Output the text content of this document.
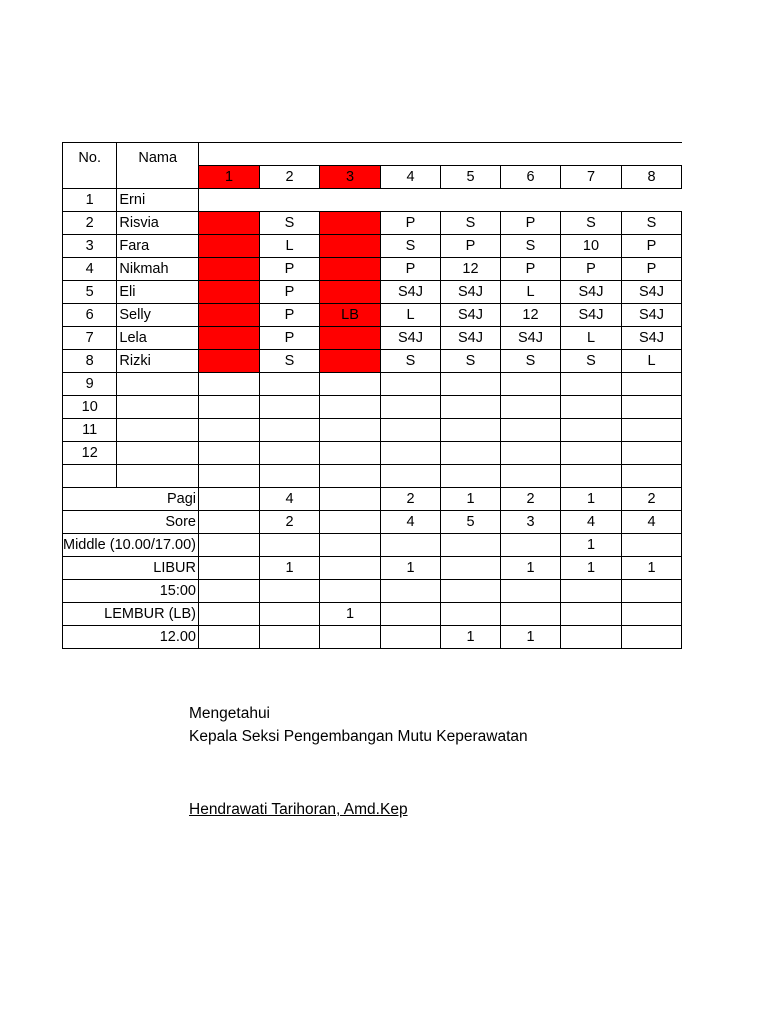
No.	Nama								
		1	2	3	4	5	6	7	8
1	Erni								
2	Risvia		S		P	S	P	S	S
3	Fara		L		S	P	S	10	P
4	Nikmah		P		P	12	P	P	P
5	Eli		P		S4J	S4J	L	S4J	S4J
6	Selly		P	LB	L	S4J	12	S4J	S4J
7	Lela		P		S4J	S4J	S4J	L	S4J
8	Rizki		S		S	S	S	S	L
9									
10									
11									
12									

Pagi			4		2	1	2	1	2
Sore			2		4	5	3	4	4
Middle (10.00/17.00)								1	
LIBUR			1		1		1	1	1
15:00									
LEMBUR (LB)				1					
12.00						1	1		
Mengetahui
Kepala Seksi Pengembangan Mutu Keperawatan
Hendrawati Tarihoran, Amd.Kep
